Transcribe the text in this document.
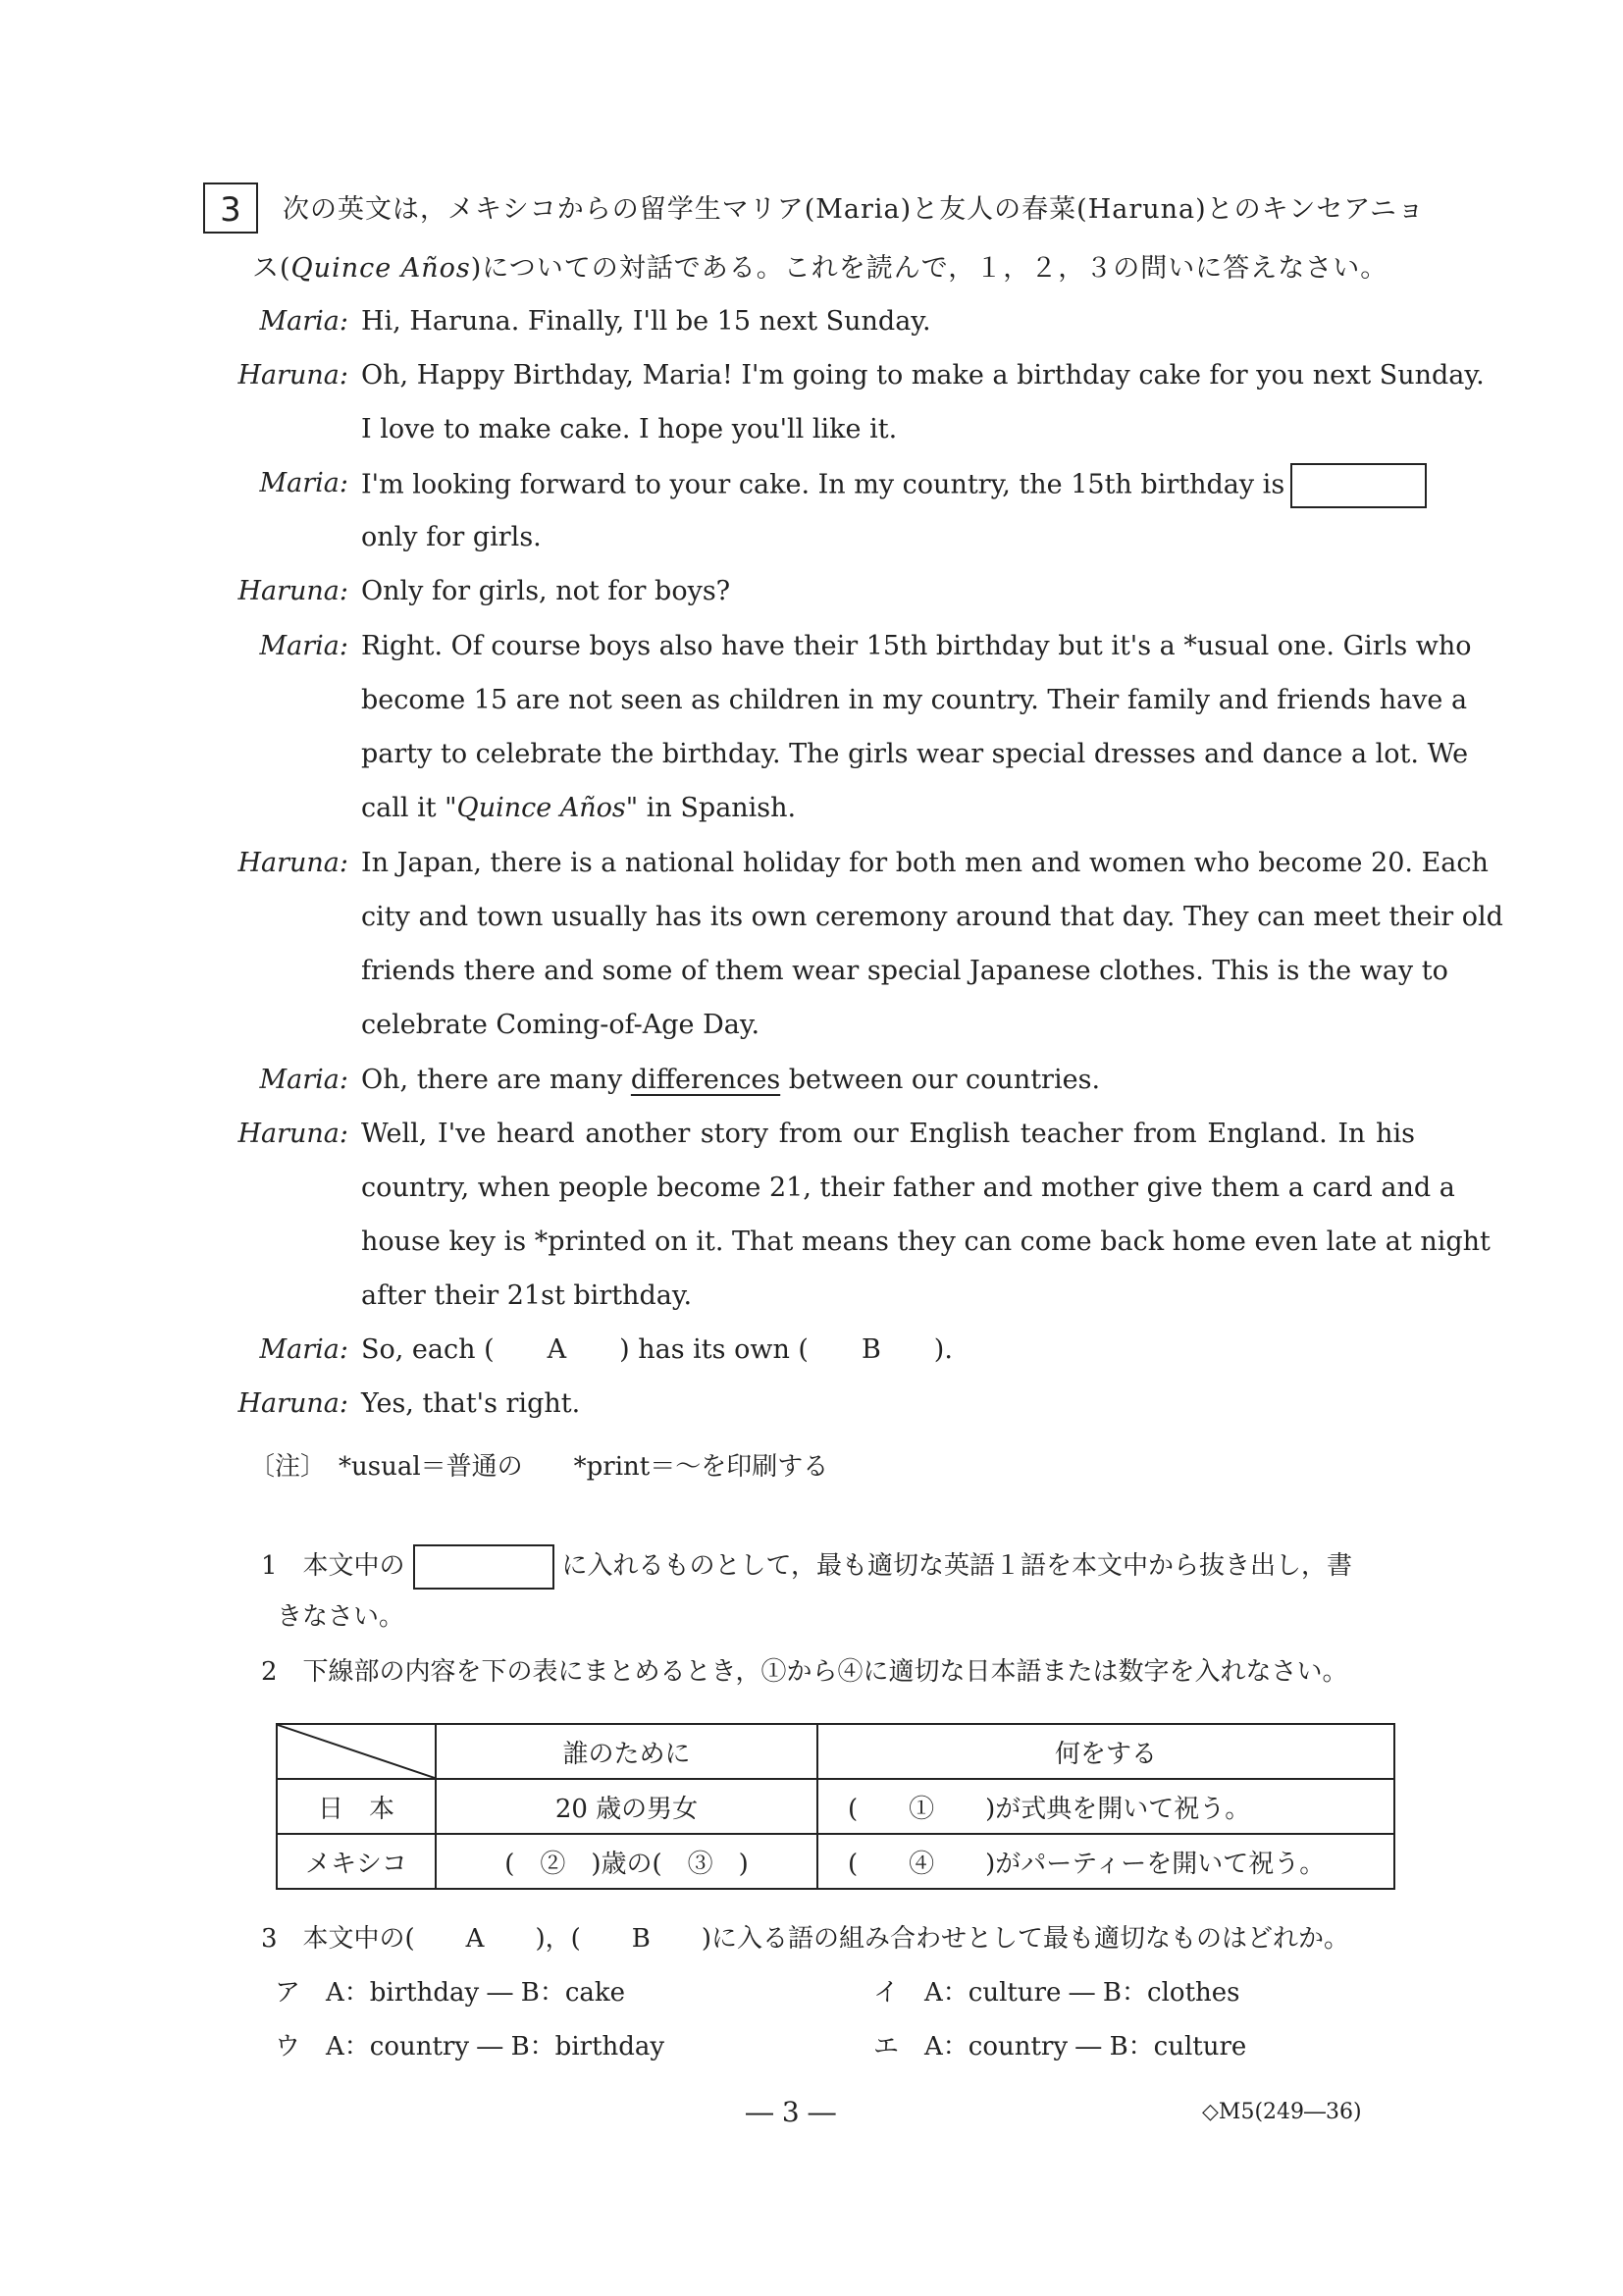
3	次の英文は，メキシコからの留学生マリア(Maria)と友人の春菜(Haruna)とのキンセアニョ
ス(Quince Años)についての対話である。これを読んで，１，２，３の問いに答えなさい。
Maria: Hi, Haruna. Finally, I'll be 15 next Sunday.
Haruna: Oh, Happy Birthday, Maria! I'm going to make a birthday cake for you next Sunday.
I love to make cake. I hope you'll like it.
Maria: I'm looking forward to your cake. In my country, the 15th birthday is
only for girls.
Haruna: Only for girls, not for boys?
Maria: Right. Of course boys also have their 15th birthday but it's a *usual one. Girls who
become 15 are not seen as children in my country. Their family and friends have a
party to celebrate the birthday. The girls wear special dresses and dance a lot. We
call it "Quince Años" in Spanish.
Haruna: In Japan, there is a national holiday for both men and women who become 20. Each
city and town usually has its own ceremony around that day. They can meet their old
friends there and some of them wear special Japanese clothes. This is the way to
celebrate Coming-of-Age Day.
Maria: Oh, there are many differences between our countries.
Haruna: Well, I've heard another story from our English teacher from England. In his
country, when people become 21, their father and mother give them a card and a
house key is *printed on it. That means they can come back home even late at night
after their 21st birthday.
Maria: So, each (　　A　　) has its own (　　B　　).
Haruna: Yes, that's right.
〔注〕　*usual＝普通の　　*print＝～を印刷する
1　本文中の	に入れるものとして，最も適切な英語１語を本文中から抜き出し，書
きなさい。
2　下線部の内容を下の表にまとめるとき，①から④に適切な日本語または数字を入れなさい。
	誰のために	何をする
日　本	20 歳の男女	(　　①　　)が式典を開いて祝う。
メキシコ	(　②　)歳の(　③　)	(　　④　　)がパーティーを開いて祝う。
3　本文中の(　　A　　)，(　　B　　)に入る語の組み合わせとして最も適切なものはどれか。
ア　A：birthday ― B：cake	イ　A：culture ― B：clothes
ウ　A：country ― B：birthday	エ　A：country ― B：culture
― 3 ―	◇M5(249―36)
